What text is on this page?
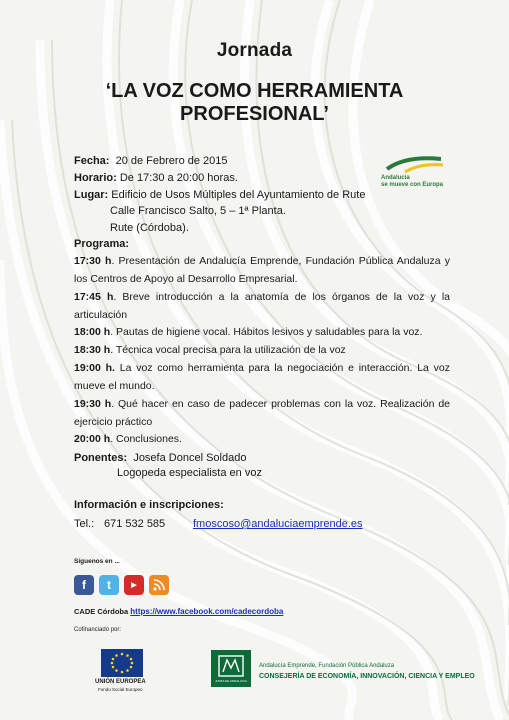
Jornada
‘LA VOZ COMO HERRAMIENTA PROFESIONAL’
Andalucía
se mueve con Europa
Fecha: 20 de Febrero de 2015
Horario: De 17:30 a 20:00 horas.
Lugar: Edificio de Usos Múltiples del Ayuntamiento de Rute
Calle Francisco Salto, 5 – 1ª Planta.
Rute (Córdoba).
Programa:
17:30 h. Presentación de Andalucía Emprende, Fundación Pública Andaluza y los Centros de Apoyo al Desarrollo Empresarial.
17:45 h. Breve introducción a la anatomía de los órganos de la voz y la articulación
18:00 h. Pautas de higiene vocal. Hábitos lesivos y saludables para la voz.
18:30 h. Técnica vocal precisa para la utilización de la voz
19:00 h. La voz como herramienta para la negociación e interacción. La voz mueve el mundo.
19:30 h. Qué hacer en caso de padecer problemas con la voz. Realización de ejercicio práctico
20:00 h. Conclusiones.
Ponentes: Josefa Doncel Soldado
Logopeda especialista en voz
Información e inscripciones:
Tel.: 671 532 585	fmoscoso@andaluciaemprende.es
Síguenos en ...
f	t	▶
CADE Córdoba https://www.facebook.com/cadecordoba
Cofinanciado por:
UNIÓN EUROPEA
Fondo Social Europeo
JUNTA DE ANDALUCIA
Andalucía Emprende, Fundación Pública Andaluza
CONSEJERÍA DE ECONOMÍA, INNOVACIÓN, CIENCIA Y EMPLEO
